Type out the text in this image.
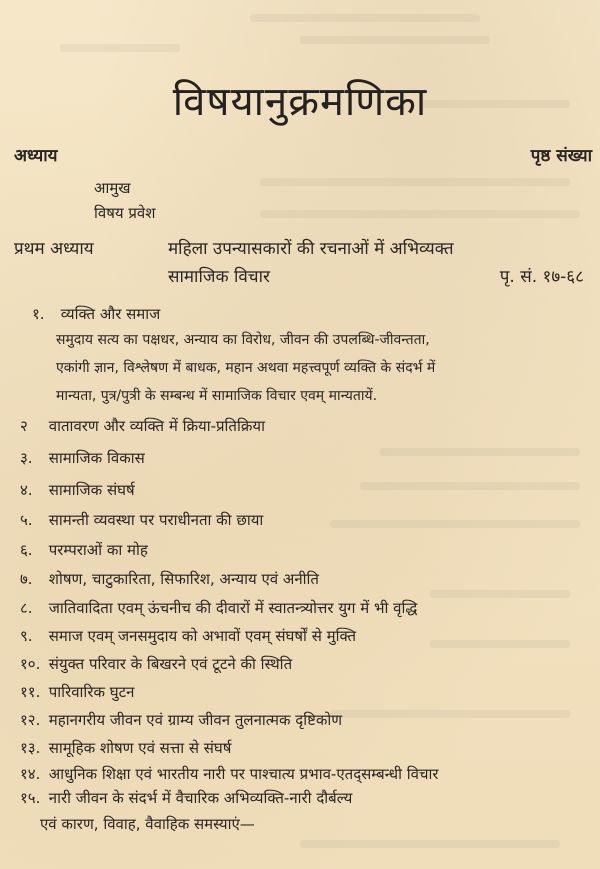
विषयानुक्रमणिका
अध्याय	पृष्ठ संख्या
आमुख
विषय प्रवेश
प्रथम अध्याय	महिला उपन्यासकारों की रचनाओं में अभिव्यक्त
सामाजिक विचार	पृ. सं. १७-६८
१. व्यक्ति और समाज
समुदाय सत्य का पक्षधर, अन्याय का विरोध, जीवन की उपलब्धि-जीवन्तता,
एकांगी ज्ञान, विश्लेषण में बाधक, महान अथवा महत्त्वपूर्ण व्यक्ति के संदर्भ में
मान्यता, पुत्र/पुत्री के सम्बन्ध में सामाजिक विचार एवम् मान्यतायें.
२ वातावरण और व्यक्ति में क्रिया-प्रतिक्रिया
३. सामाजिक विकास
४. सामाजिक संघर्ष
५. सामन्ती व्यवस्था पर पराधीनता की छाया
६. परम्पराओं का मोह
७. शोषण, चाटुकारिता, सिफारिश, अन्याय एवं अनीति
८. जातिवादिता एवम् ऊंचनीच की दीवारों में स्वातन्त्र्योत्तर युग में भी वृद्धि
९. समाज एवम् जनसमुदाय को अभावों एवम् संघर्षों से मुक्ति
१०. संयुक्त परिवार के बिखरने एवं टूटने की स्थिति
११. पारिवारिक घुटन
१२. महानगरीय जीवन एवं ग्राम्य जीवन तुलनात्मक दृष्टिकोण
१३. सामूहिक शोषण एवं सत्ता से संघर्ष
१४. आधुनिक शिक्षा एवं भारतीय नारी पर पाश्चात्य प्रभाव-एतद्सम्बन्धी विचार
१५. नारी जीवन के संदर्भ में वैचारिक अभिव्यक्ति-नारी दौर्बल्य
एवं कारण, विवाह, वैवाहिक समस्याएं—
